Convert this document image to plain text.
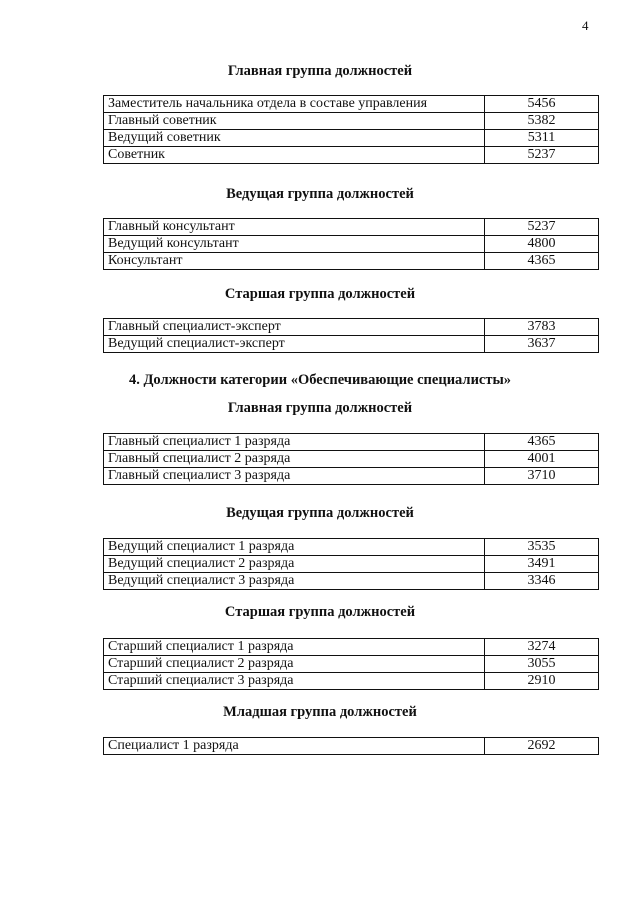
4
Главная группа должностей
Заместитель начальника отдела в составе управления	5456
Главный советник	5382
Ведущий советник	5311
Советник	5237
Ведущая группа должностей
Главный консультант	5237
Ведущий консультант	4800
Консультант	4365
Старшая группа должностей
Главный специалист-эксперт	3783
Ведущий специалист-эксперт	3637
4. Должности категории «Обеспечивающие специалисты»
Главная группа должностей
Главный специалист 1 разряда	4365
Главный специалист 2 разряда	4001
Главный специалист 3 разряда	3710
Ведущая группа должностей
Ведущий специалист 1 разряда	3535
Ведущий специалист 2 разряда	3491
Ведущий специалист 3 разряда	3346
Старшая группа должностей
Старший специалист 1 разряда	3274
Старший специалист 2 разряда	3055
Старший специалист 3 разряда	2910
Младшая группа должностей
Специалист 1 разряда	2692
